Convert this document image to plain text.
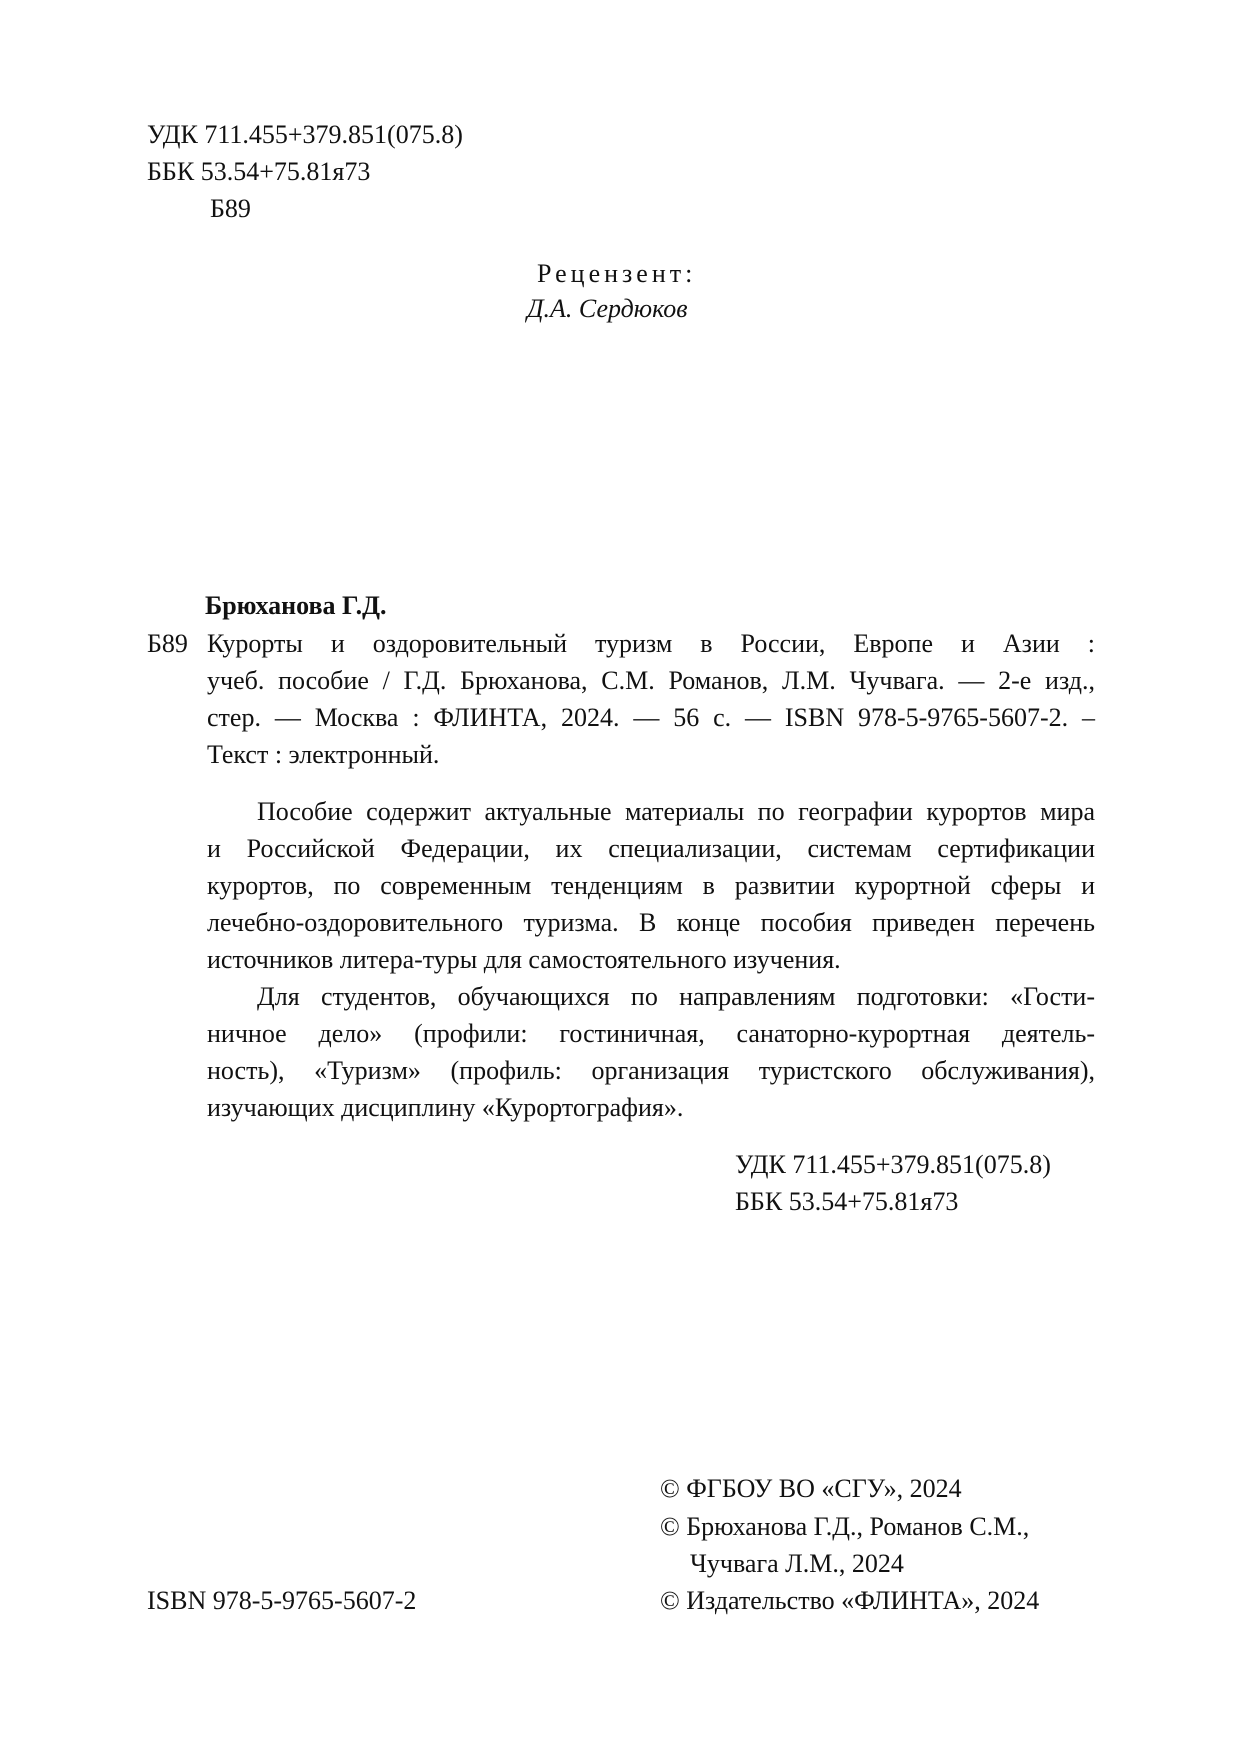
УДК 711.455+379.851(075.8)
ББК 53.54+75.81я73
Б89
Рецензент:
Д.А. Сердюков
Брюханова Г.Д.
Б89 Курорты и оздоровительный туризм в России, Европе и Азии :
учеб. пособие / Г.Д. Брюханова, С.М. Романов, Л.М. Чучвага. — 2-е изд.,
стер. — Москва : ФЛИНТА, 2024. — 56 с. — ISBN 978-5-9765-5607-2. –
Текст : электронный.
Пособие содержит актуальные материалы по географии курортов мира
и Российской Федерации, их специализации, системам сертификации
курортов, по современным тенденциям в развитии курортной сферы и
лечебно-оздоровительного туризма. В конце пособия приведен перечень
источников литера-туры для самостоятельного изучения.
Для студентов, обучающихся по направлениям подготовки: «Гости-
ничное дело» (профили: гостиничная, санаторно-курортная деятель-
ность), «Туризм» (профиль: организация туристского обслуживания),
изучающих дисциплину «Курортография».
УДК 711.455+379.851(075.8)
ББК 53.54+75.81я73
© ФГБОУ ВО «СГУ», 2024
© Брюханова Г.Д., Романов С.М.,
Чучвага Л.М., 2024
© Издательство «ФЛИНТА», 2024
ISBN 978-5-9765-5607-2
